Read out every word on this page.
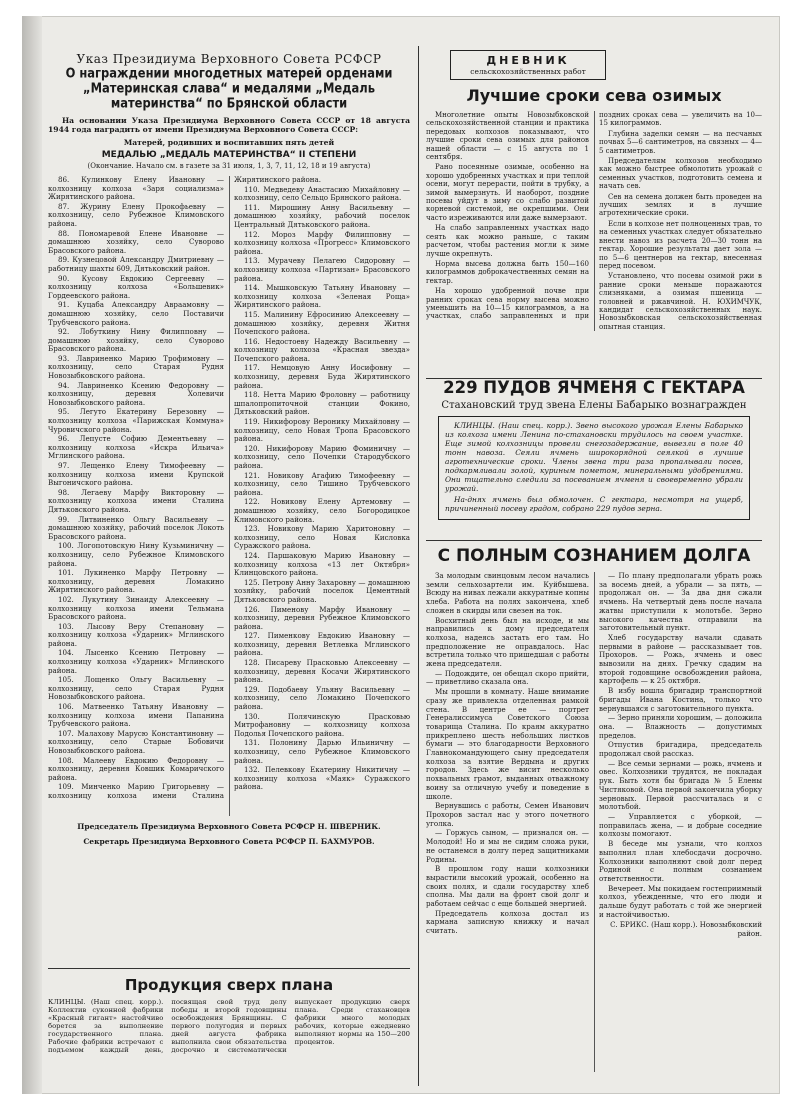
Указ Президиума Верховного Совета РСФСР
О награждении многодетных матерей орденами „Материнская слава“ и медалями „Медаль материнства“ по Брянской области
На основании Указа Президиума Верховного Совета СССР от 18 августа 1944 года наградить от имени Президиума Верховного Совета СССР:
Матерей, родивших и воспитавших пять детей
МЕДАЛЬЮ „МЕДАЛЬ МАТЕРИНСТВА“ II СТЕПЕНИ
(Окончание. Начало см. в газете за 31 июля, 1, 3, 7, 11, 12, 18 и 19 августа)
86. Кулинкову Елену Ивановну — колхозницу колхоза «Заря социализма» Жирятинского района.
87. Журину Елену Прокофьевну — колхозницу, село Рубежное Климовского района.
88. Пономаревой Елене Ивановне — домашнюю хозяйку, село Суворово Брасовского района.
89. Кузнецовой Александру Дмитриевну — работницу шахты 609, Дятьковский район.
90. Кусову Евдокию Сергеевну — колхозницу колхоза «Большевик» Гордеевского района.
91. Куцаба Александру Авраамовну — домашнюю хозяйку, село Поставичи Трубчевского района.
92. Лобуткину Нину Филипповну — домашнюю хозяйку, село Суворово Брасовского района.
93. Лавриненко Марию Трофимовну — колхозницу, село Старая Рудня Новозыбковского района.
94. Лавриненко Ксению Федоровну — колхозницу, деревня Холевичи Новозыбковского района.
95. Легуто Екатерину Березовну — колхозницу колхоза «Парижская Коммуна» Чуровичского района.
96. Лепусте Софию Дементьевну — колхозницу колхоза «Искра Ильича» Мглинского района.
97. Лещенко Елену Тимофеевну — колхозницу колхоза имени Крупской Выгоничского района.
98. Легаеву Марфу Викторовну — колхозницу колхоза имени Сталина Дятьковского района.
99. Литвиненко Ольгу Васильевну — домашнюю хозяйку, рабочий поселок Локоть Брасовского района.
100. Логопотовскую Нину Кузьминичну — колхозницу, село Рубежное Климовского района.
101. Лукиненко Марфу Петровну — колхозницу, деревня Ломакино Жирятинского района.
102. Лукутину Зинаиду Алексеевну — колхозницу колхоза имени Тельмана Брасовского района.
103. Лысову Веру Степановну — колхозницу колхоза «Ударник» Мглинского района.
104. Лысенко Ксению Петровну — колхозницу колхоза «Ударник» Мглинского района.
105. Лощенко Ольгу Васильевну — колхозницу, село Старая Рудня Новозыбковского района.
106. Матвеенко Татьяну Ивановну — колхозницу колхоза имени Папанина Трубчевского района.
107. Малахову Марусю Константиновну — колхозницу, село Старые Бобовичи Новозыбковского района.
108. Малееву Евдокию Федоровну — колхозницу, деревня Ковшик Комаричского района.
109. Минченко Марию Григорьевну — колхозницу колхоза имени Сталина Жирятинского района.
110. Медведеву Анастасию Михайловну — колхозницу, село Сельцо Брянского района.
111. Мирошину Анну Васильевну — домашнюю хозяйку, рабочий поселок Центральный Дятьковского района.
112. Мороз Марфу Филипповну — колхозницу колхоза «Прогресс» Климовского района.
113. Мурачеву Пелагею Сидоровну — колхозницу колхоза «Партизан» Брасовского района.
114. Мышковскую Татьяну Ивановну — колхозницу колхоза «Зеленая Роща» Жирятинского района.
115. Малинину Ефросинию Алексеевну — домашнюю хозяйку, деревня Житня Почепского района.
116. Недостоеву Надежду Васильевну — колхозницу колхоза «Красная звезда» Почепского района.
117. Немцовую Анну Иосифовну — колхозницу, деревня Буда Жирятинского района.
118. Нетта Марию Фроловну — работницу шпалопропиточной станции Фокино, Дятьковский район.
119. Никифорову Веронику Михайловну — колхозницу, село Новая Тропа Брасовского района.
120. Никифорову Марию Фоминичну — колхозницу, село Почепки Стародубского района.
121. Новикову Агафию Тимофеевну — колхозницу, село Тишино Трубчевского района.
122. Новикову Елену Артемовну — домашнюю хозяйку, село Богородицкое Климовского района.
123. Новикову Марию Харитоновну — колхозницу, село Новая Кисловка Суражского района.
124. Паршаковую Марию Ивановну — колхозницу колхоза «13 лет Октября» Клинцовского района.
125. Петрову Анну Захаровну — домашнюю хозяйку, рабочий поселок Цементный Дятьковского района.
126. Пименову Марфу Ивановну — колхозницу, деревня Рубежное Климовского района.
127. Пименкову Евдокию Ивановну — колхозницу, деревня Ветлевка Мглинского района.
128. Писареву Прасковью Алексеевну — колхозницу, деревня Косачи Жирятинского района.
129. Подобаеву Ульяну Васильевну — колхозницу, село Ломакино Почепского района.
130. Полячинскую Прасковью Митрофановну — колхозницу колхоза Подолья Почепского района.
131. Полонину Дарью Ильиничну — колхозницу, село Рубежное Климовского района.
132. Пелевкову Екатерину Никитичну — колхозницу колхоза «Маяк» Суражского района.
Председатель Президиума Верховного Совета РСФСР Н. ШВЕРНИК.
Секретарь Президиума Верховного Совета РСФСР П. БАХМУРОВ.
Продукция сверх плана
КЛИНЦЫ. (Наш спец. корр.). Коллектив суконной фабрики «Красный гигант» настойчиво борется за выполнение государственного плана. Рабочие фабрики встречают с подъемом каждый день, посвящая свой труд делу победы и второй годовщины освобождения Брянщины. С первого полугодия и первых дней августа фабрика выполнила свои обязательства досрочно и систематически выпускает продукцию сверх плана. Среди стахановцев фабрики много молодых рабочих, которые ежедневно выполняют нормы на 150—200 процентов.
ДНЕВНИК
сельскохозяйственных работ
Лучшие сроки сева озимых

Многолетние опыты Новозыбковской сельскохозяйственной станции и практика передовых колхозов показывают, что лучшие сроки сева озимых для районов нашей области — с 15 августа по 1 сентября.

Рано посеянные озимые, особенно на хорошо удобренных участках и при теплой осени, могут перерасти, пойти в трубку, а зимой вымерзнуть. И наоборот, поздние посевы уйдут в зиму со слабо развитой корневой системой, не окрепшими. Они часто изреживаются или даже вымерзают.

На слабо заправленных участках надо сеять как можно раньше, с таким расчетом, чтобы растения могли к зиме лучше окрепнуть.

Норма высева должна быть 150—160 килограммов доброкачественных семян на гектар.

На хорошо удобренной почве при ранних сроках сева норму высева можно уменьшить на 10—15 килограммов, а на участках, слабо заправленных и при поздних сроках сева — увеличить на 10—15 килограммов.

Глубина заделки семян — на песчаных почвах 5—6 сантиметров, на связных — 4—5 сантиметров.

Председателям колхозов необходимо как можно быстрее обмолотить урожай с семенных участков, подготовить семена и начать сев.

Сев на семена должен быть проведен на лучших землях и в лучшие агротехнические сроки.

Если в колхозе нет полноценных трав, то на семенных участках следует обязательно внести навоз из расчета 20—30 тонн на гектар. Хорошие результаты дает зола — по 5—6 центнеров на гектар, внесенная перед посевом.

Установлено, что посевы озимой ржи в ранние сроки меньше поражаются слизняками, а озимая пшеница — головней и ржавчиной. Н. ЮХИМЧУК, кандидат сельскохозяйственных наук. Новозыбковская сельскохозяйственная опытная станция.

229 ПУДОВ ЯЧМЕНЯ С ГЕКТАРА
Стахановский труд звена Елены Бабарыко вознагражден

КЛИНЦЫ. (Наш спец. корр.). Звено высокого урожая Елены Бабарыко из колхоза имени Ленина по-стахановски трудилось на своем участке. Еще зимой колхозницы провели снегозадержание, вывезли в поле 40 тонн навоза. Сеяли ячмень широкорядной сеялкой в лучшие агротехнические сроки. Члены звена три раза пропалывали посев, подкармливали золой, куриным пометом, минеральными удобрениями. Они тщательно следили за посеванием ячменя и своевременно убрали урожай.

На-днях ячмень был обмолочен. С гектара, несмотря на ущерб, причиненный посеву градом, собрано 229 пудов зерна.

С ПОЛНЫМ СОЗНАНИЕМ ДОЛГА

За молодым свинцовым лесом начались земли сельхозартели им. Куйбышева. Всюду на нивах лежали аккуратные копны хлеба. Работа на полях закончена, хлеб сложен в скирды или свезен на ток.

Восхитный день был на исходе, и мы направились к дому председателя колхоза, надеясь застать его там. Но предположение не оправдалось. Нас встретила только что пришедшая с работы жена председателя.

— Подождите, он обещал скоро прийти, — приветливо сказала она.

Мы прошли в комнату. Наше внимание сразу же привлекла отделенная рамкой стена. В центре ее — портрет Генералиссимуса Советского Союза товарища Сталина. По краям аккуратно прикреплено шесть небольших листков бумаги — это благодарности Верховного Главнокомандующего сыну председателя колхоза за взятие Вердына и других городов. Здесь же висит несколько похвальных грамот, выданных отважному воину за отличную учебу и поведение в школе.

Вернувшись с работы, Семен Иванович Прохоров застал нас у этого почетного уголка.

— Горжусь сыном, — признался он. — Молодой! Но и мы не сидим сложа руки, не останемся в долгу перед защитниками Родины.

В прошлом году наши колхозники вырастили высокий урожай, особенно на своих полях, и сдали государству хлеб сполна. Мы дали на фронт свой долг и работаем сейчас с еще большей энергией.

Председатель колхоза достал из кармана записную книжку и начал считать.

— По плану предполагали убрать рожь за восемь дней, а убрали — за пять, — продолжал он. — За два дня сжали ячмень. На четвертый день после начала жатвы приступили к молотьбе. Зерно высокого качества отправили на заготовительный пункт.

Хлеб государству начали сдавать первыми в районе — рассказывает тов. Прохоров. — Рожь, ячмень и овес вывозили на днях. Гречку сдадим на второй годовщине освобождения района, картофель — к 25 октября.

В избу вошла бригадир транспортной бригады Ивана Костина, только что вернувшаяся с заготовительного пункта.

— Зерно приняли хорошим, — доложила она. — Влажность — допустимых пределов.

Отпустив бригадира, председатель продолжал свой рассказ.

— Все семьи зернами — рожь, ячмень и овес. Колхозники трудятся, не покладая рук. Быть хотя бы бригада № 5 Елены Чистяковой. Она первой закончила уборку зерновых. Первой рассчиталась и с молотьбой.

— Управляется с уборкой, — поправилась жена, — и добрые соседние колхозы помогают.

В беседе мы узнали, что колхоз выполнил план хлебосдачи досрочно. Колхозники выполняют свой долг перед Родиной с полным сознанием ответственности.

Вечереет. Мы покидаем гостеприимный колхоз, убежденные, что его люди и дальше будут работать с той же энергией и настойчивостью.

С. БРИКС. (Наш корр.). Новозыбковский район.
